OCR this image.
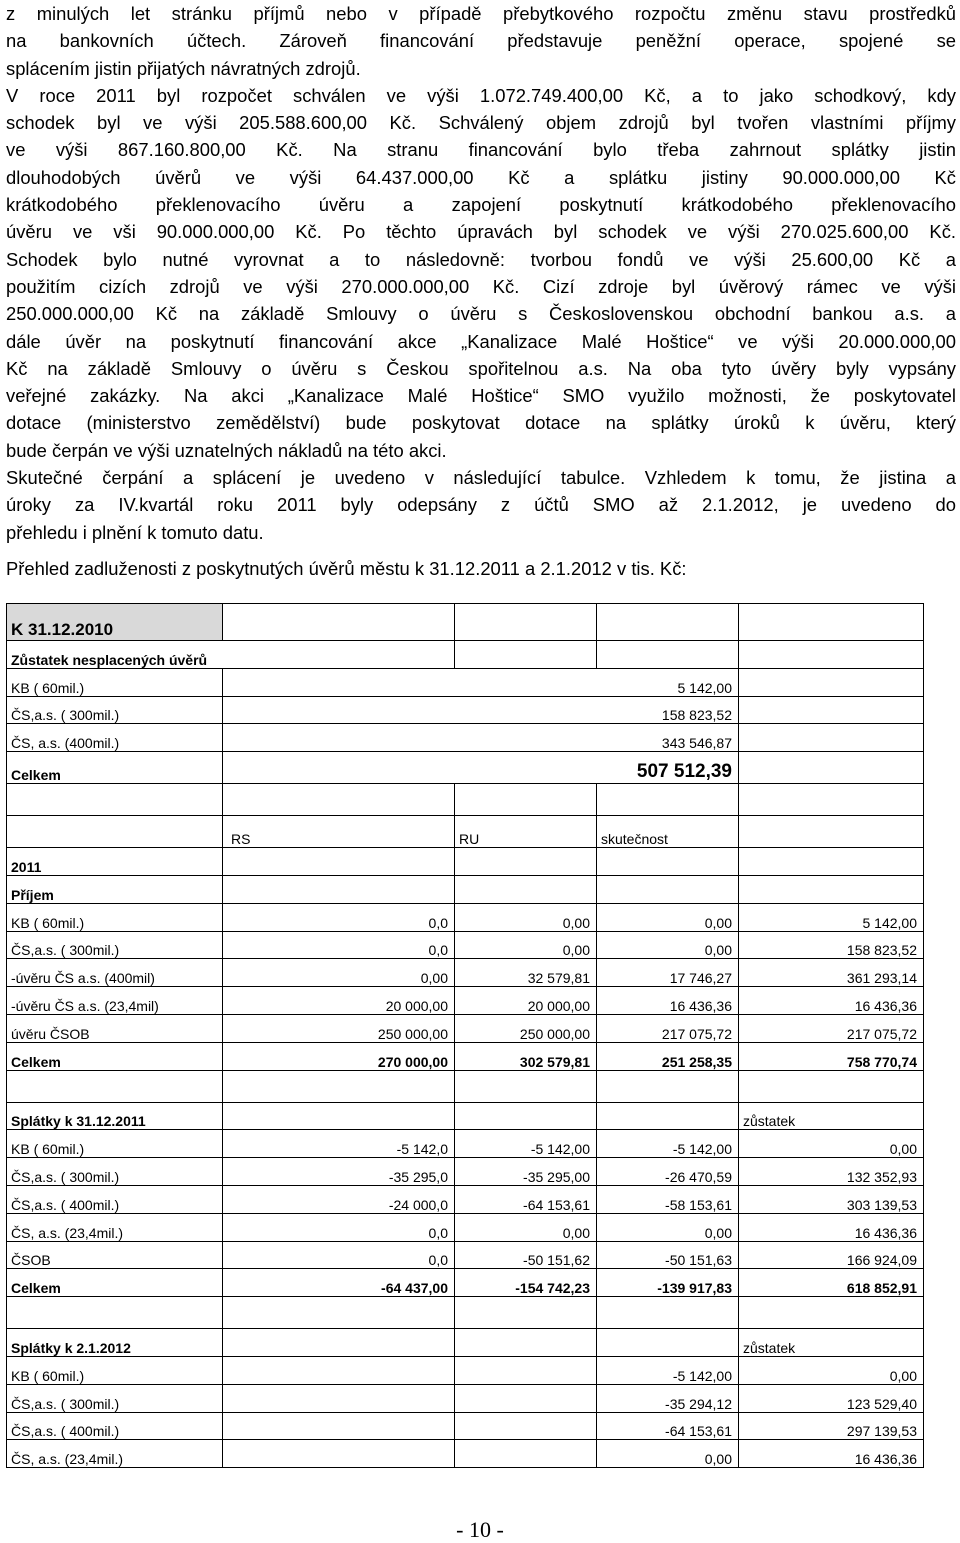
z minulých let stránku příjmů nebo v případě přebytkového rozpočtu změnu stavu prostředků
na bankovních účtech. Zároveň financování představuje peněžní operace, spojené se
splácením jistin přijatých návratných zdrojů.
V roce 2011 byl rozpočet schválen ve výši 1.072.749.400,00 Kč, a to jako schodkový, kdy
schodek byl ve výši 205.588.600,00 Kč. Schválený objem zdrojů byl tvořen vlastními příjmy
ve výši 867.160.800,00 Kč. Na stranu financování bylo třeba zahrnout splátky jistin
dlouhodobých úvěrů ve výši 64.437.000,00 Kč a splátku jistiny 90.000.000,00 Kč
krátkodobého překlenovacího úvěru a zapojení poskytnutí krátkodobého překlenovacího
úvěru ve vši 90.000.000,00 Kč. Po těchto úpravách byl schodek ve výši 270.025.600,00 Kč.
Schodek bylo nutné vyrovnat a to následovně: tvorbou fondů ve výši 25.600,00 Kč a
použitím cizích zdrojů ve výši 270.000.000,00 Kč. Cizí zdroje byl úvěrový rámec ve výši
250.000.000,00 Kč na základě Smlouvy o úvěru s Československou obchodní bankou a.s. a
dále úvěr na poskytnutí financování akce „Kanalizace Malé Hoštice“ ve výši 20.000.000,00
Kč na základě Smlouvy o úvěru s Českou spořitelnou a.s. Na oba tyto úvěry byly vypsány
veřejné zakázky. Na akci „Kanalizace Malé Hoštice“ SMO využilo možnosti, že poskytovatel
dotace (ministerstvo zemědělství) bude poskytovat dotace na splátky úroků k úvěru, který
bude čerpán ve výši uznatelných nákladů na této akci.
Skutečné čerpání a splácení je uvedeno v následující tabulce. Vzhledem k tomu, že jistina a
úroky za IV.kvartál roku 2011 byly odepsány z účtů SMO až 2.1.2012, je uvedeno do
přehledu i plnění k tomuto datu.
Přehled zadluženosti z poskytnutých úvěrů městu k 31.12.2011 a 2.1.2012 v tis. Kč:
K 31.12.2010				
Zůstatek nesplacených úvěrů				
KB ( 60mil.)	5 142,00			
ČS,a.s. ( 300mil.)	158 823,52			
ČS, a.s. (400mil.)	343 546,87			
Celkem	507 512,39			

	RS	RU	skutečnost	
2011				
Příjem				
KB ( 60mil.)	0,0	0,00	0,00	5 142,00
ČS,a.s. ( 300mil.)	0,0	0,00	0,00	158 823,52
-úvěru ČS a.s. (400mil)	0,00	32 579,81	17 746,27	361 293,14
-úvěru ČS a.s. (23,4mil)	20 000,00	20 000,00	16 436,36	16 436,36
úvěru ČSOB	250 000,00	250 000,00	217 075,72	217 075,72
Celkem	270 000,00	302 579,81	251 258,35	758 770,74

Splátky k 31.12.2011				zůstatek
KB ( 60mil.)	-5 142,0	-5 142,00	-5 142,00	0,00
ČS,a.s. ( 300mil.)	-35 295,0	-35 295,00	-26 470,59	132 352,93
ČS,a.s. ( 400mil.)	-24 000,0	-64 153,61	-58 153,61	303 139,53
ČS, a.s. (23,4mil.)	0,0	0,00	0,00	16 436,36
ČSOB	0,0	-50 151,62	-50 151,63	166 924,09
Celkem	-64 437,00	-154 742,23	-139 917,83	618 852,91

Splátky k 2.1.2012				zůstatek
KB ( 60mil.)			-5 142,00	0,00
ČS,a.s. ( 300mil.)			-35 294,12	123 529,40
ČS,a.s. ( 400mil.)			-64 153,61	297 139,53
ČS, a.s. (23,4mil.)			0,00	16 436,36
- 10 -
